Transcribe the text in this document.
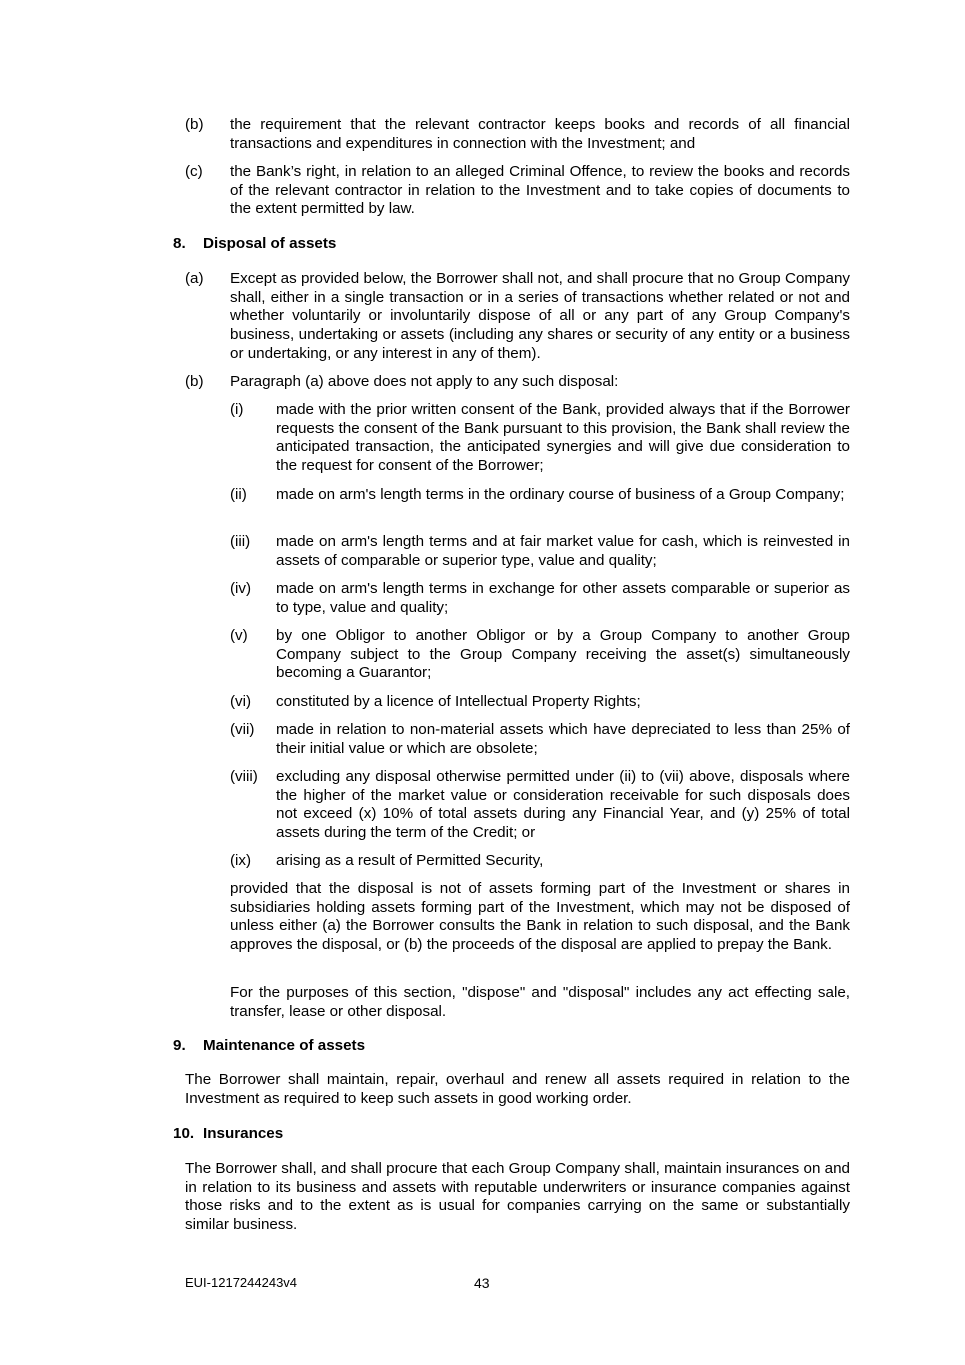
(b) the requirement that the relevant contractor keeps books and records of all financial transactions and expenditures in connection with the Investment; and
(c) the Bank’s right, in relation to an alleged Criminal Offence, to review the books and records of the relevant contractor in relation to the Investment and to take copies of documents to the extent permitted by law.
8. Disposal of assets
(a) Except as provided below, the Borrower shall not, and shall procure that no Group Company shall, either in a single transaction or in a series of transactions whether related or not and whether voluntarily or involuntarily dispose of all or any part of any Group Company's business, undertaking or assets (including any shares or security of any entity or a business or undertaking, or any interest in any of them).
(b) Paragraph (a) above does not apply to any such disposal:
(i) made with the prior written consent of the Bank, provided always that if the Borrower requests the consent of the Bank pursuant to this provision, the Bank shall review the anticipated transaction, the anticipated synergies and will give due consideration to the request for consent of the Borrower;
(ii) made on arm's length terms in the ordinary course of business of a Group Company;
(iii) made on arm's length terms and at fair market value for cash, which is reinvested in assets of comparable or superior type, value and quality;
(iv) made on arm's length terms in exchange for other assets comparable or superior as to type, value and quality;
(v) by one Obligor to another Obligor or by a Group Company to another Group Company subject to the Group Company receiving the asset(s) simultaneously becoming a Guarantor;
(vi) constituted by a licence of Intellectual Property Rights;
(vii) made in relation to non-material assets which have depreciated to less than 25% of their initial value or which are obsolete;
(viii) excluding any disposal otherwise permitted under (ii) to (vii) above, disposals where the higher of the market value or consideration receivable for such disposals does not exceed (x) 10% of total assets during any Financial Year, and (y) 25% of total assets during the term of the Credit; or
(ix) arising as a result of Permitted Security,
provided that the disposal is not of assets forming part of the Investment or shares in subsidiaries holding assets forming part of the Investment, which may not be disposed of unless either (a) the Borrower consults the Bank in relation to such disposal, and the Bank approves the disposal, or (b) the proceeds of the disposal are applied to prepay the Bank.
For the purposes of this section, "dispose" and "disposal" includes any act effecting sale, transfer, lease or other disposal.
9. Maintenance of assets
The Borrower shall maintain, repair, overhaul and renew all assets required in relation to the Investment as required to keep such assets in good working order.
10. Insurances
The Borrower shall, and shall procure that each Group Company shall, maintain insurances on and in relation to its business and assets with reputable underwriters or insurance companies against those risks and to the extent as is usual for companies carrying on the same or substantially similar business.
EUI-1217244243v4	43
